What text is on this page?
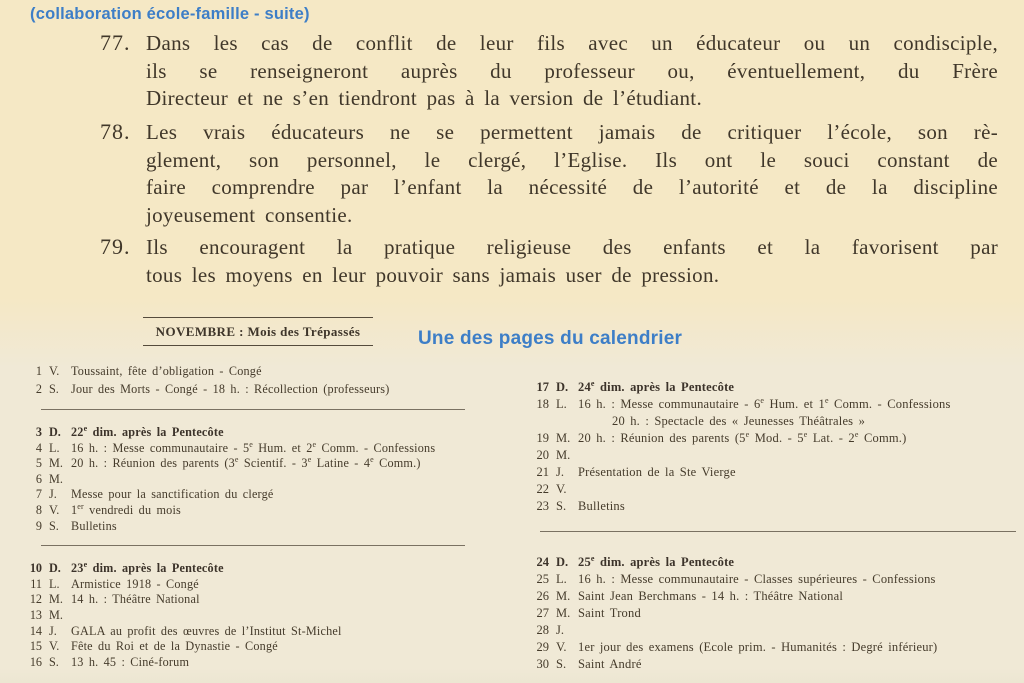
(collaboration école-famille - suite)
77. Dans les cas de conflit de leur fils avec un éducateur ou un condisciple,
ils se renseigneront auprès du professeur ou, éventuellement, du Frère
Directeur et ne s’en tiendront pas à la version de l’étudiant.
78. Les vrais éducateurs ne se permettent jamais de critiquer l’école, son rè-
glement, son personnel, le clergé, l’Eglise. Ils ont le souci constant de
faire comprendre par l’enfant la nécessité de l’autorité et de la discipline
joyeusement consentie.
79. Ils encouragent la pratique religieuse des enfants et la favorisent par
tous les moyens en leur pouvoir sans jamais user de pression.
NOVEMBRE : Mois des Trépassés	Une des pages du calendrier
1 V. Toussaint, fête d’obligation - Congé
2 S. Jour des Morts - Congé - 18 h. : Récollection (professeurs)
3 D. 22e dim. après la Pentecôte
4 L. 16 h. : Messe communautaire - 5e Hum. et 2e Comm. - Confessions
5 M. 20 h. : Réunion des parents (3e Scientif. - 3e Latine - 4e Comm.)
6 M.
7 J.	Messe pour la sanctification du clergé
8 V. 1er vendredi du mois
9 S. Bulletins
10 D. 23e dim. après la Pentecôte
11 L. Armistice 1918 - Congé
12 M. 14 h. : Théâtre National
13 M.
14 J.	GALA au profit des œuvres de l’Institut St-Michel
15 V. Fête du Roi et de la Dynastie - Congé
16 S. 13 h. 45 : Ciné-forum
17 D. 24e dim. après la Pentecôte
18 L. 16 h. : Messe communautaire - 6e Hum. et 1e Comm. - Confessions
20 h. : Spectacle des « Jeunesses Théâtrales »
19 M. 20 h. : Réunion des parents (5e Mod. - 5e Lat. - 2e Comm.)
20 M.
21 J.	Présentation de la Ste Vierge
22 V.
23 S. Bulletins
24 D. 25e dim. après la Pentecôte
25 L. 16 h. : Messe communautaire - Classes supérieures - Confessions
26 M. Saint Jean Berchmans - 14 h. : Théâtre National
27 M. Saint Trond
28 J.
29 V. 1er jour des examens (Ecole prim. - Humanités : Degré inférieur)
30 S. Saint André
